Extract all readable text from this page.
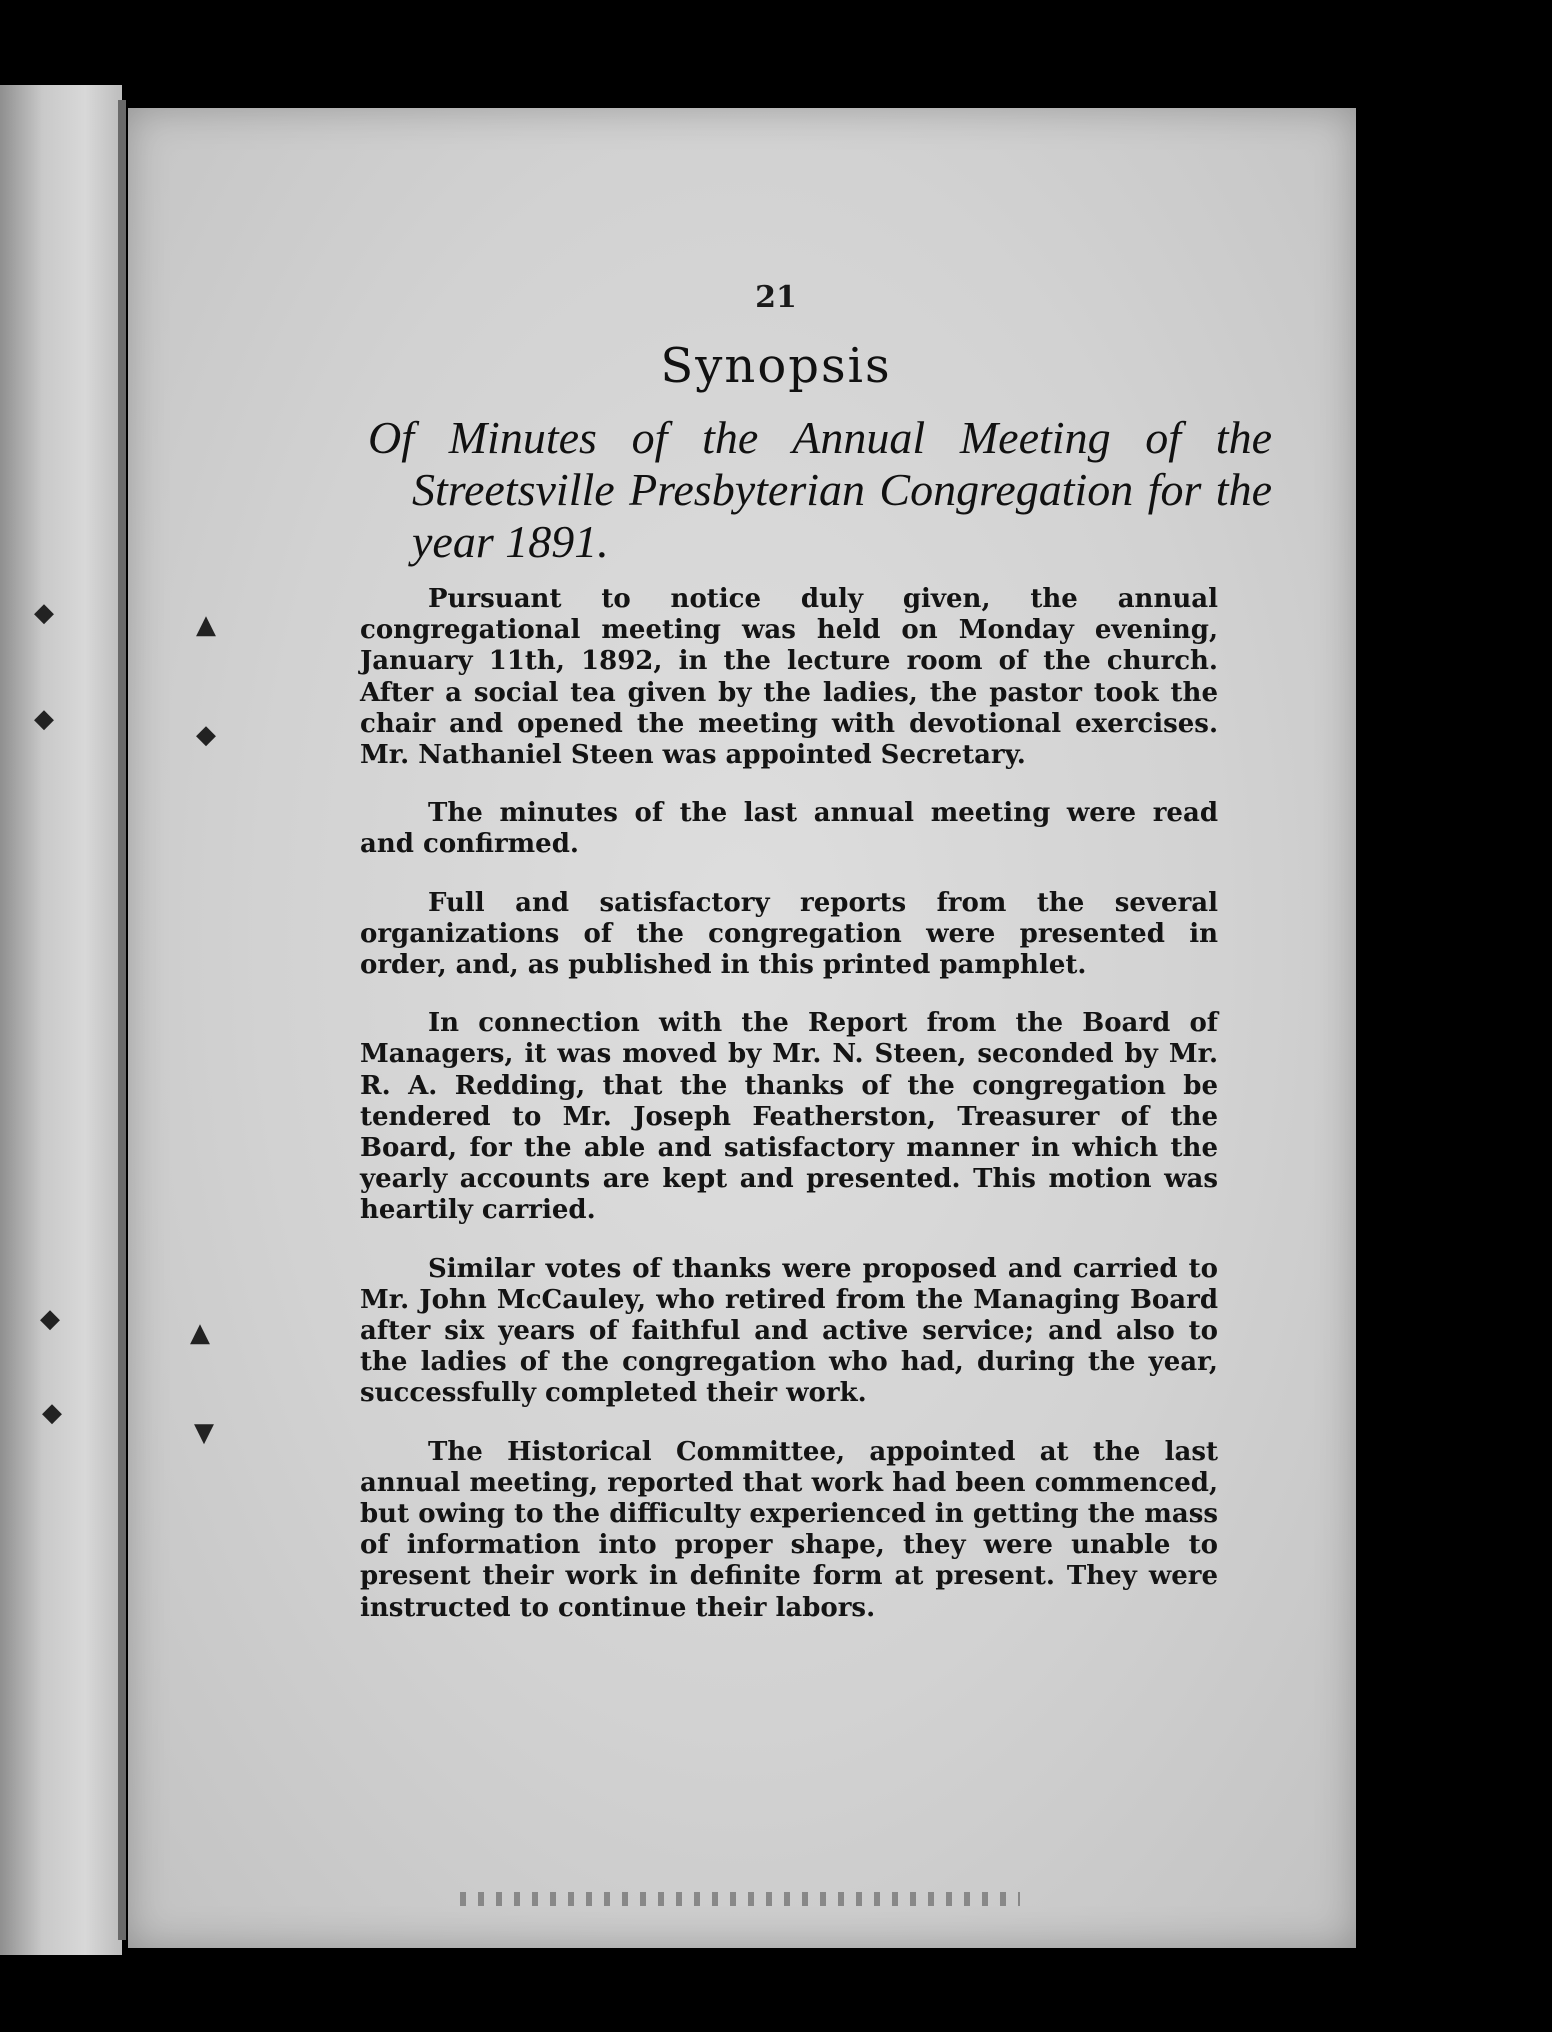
◆	▲
◆
◆
◆	▲
◆
▼
21
Synopsis

Of Minutes of the Annual Meeting of the Streetsville Presbyterian Congregation for the year 1891.

Pursuant to notice duly given, the annual congregational meeting was held on Monday evening, January 11th, 1892, in the lecture room of the church. After a social tea given by the ladies, the pastor took the chair and opened the meeting with devotional exercises. Mr. Nathaniel Steen was appointed Secretary.

The minutes of the last annual meeting were read and confirmed.

Full and satisfactory reports from the several organizations of the congregation were presented in order, and, as published in this printed pamphlet.

In connection with the Report from the Board of Managers, it was moved by Mr. N. Steen, seconded by Mr. R. A. Redding, that the thanks of the congregation be tendered to Mr. Joseph Featherston, Treasurer of the Board, for the able and satisfactory manner in which the yearly accounts are kept and presented. This motion was heartily carried.

Similar votes of thanks were proposed and carried to Mr. John McCauley, who retired from the Managing Board after six years of faithful and active service; and also to the ladies of the congregation who had, during the year, successfully completed their work.

The Historical Committee, appointed at the last annual meeting, reported that work had been commenced, but owing to the difficulty experienced in getting the mass of information into proper shape, they were unable to present their work in definite form at present. They were instructed to continue their labors.
